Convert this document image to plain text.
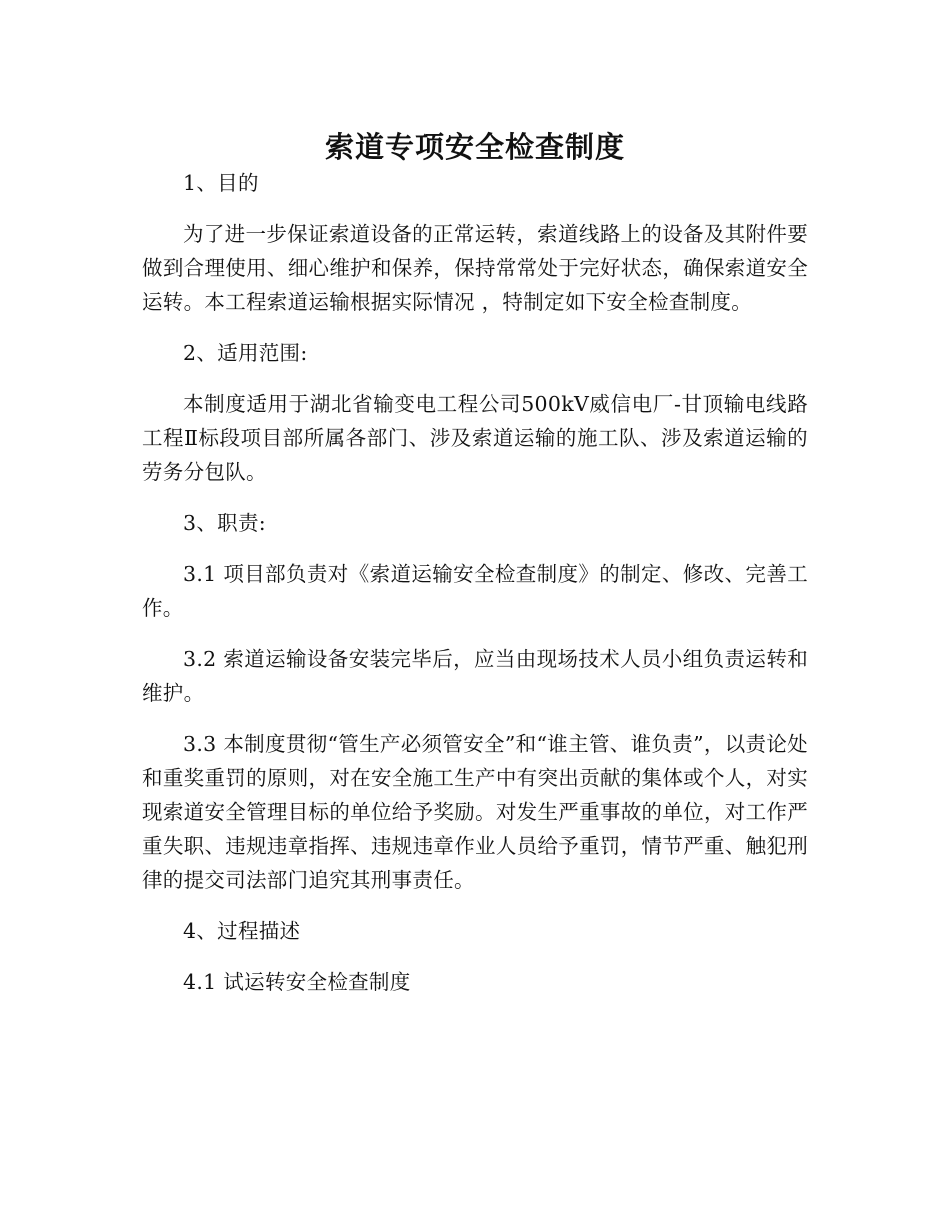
索道专项安全检查制度

1、目的

为了进一步保证索道设备的正常运转，索道线路上的设备及其附件要做到合理使用、细心维护和保养，保持常常处于完好状态，确保索道安全运转。本工程索道运输根据实际情况 ，特制定如下安全检查制度。

2、适用范围:

本制度适用于湖北省输变电工程公司500kV威信电厂-甘顶输电线路工程Ⅱ标段项目部所属各部门、涉及索道运输的施工队、涉及索道运输的劳务分包队。

3、职责:

3.1 项目部负责对《索道运输安全检查制度》的制定、修改、完善工作。

3.2 索道运输设备安装完毕后，应当由现场技术人员小组负责运转和维护。

3.3 本制度贯彻“管生产必须管安全”和“谁主管、谁负责”，以责论处和重奖重罚的原则，对在安全施工生产中有突出贡献的集体或个人，对实现索道安全管理目标的单位给予奖励。对发生严重事故的单位，对工作严重失职、违规违章指挥、违规违章作业人员给予重罚，情节严重、触犯刑律的提交司法部门追究其刑事责任。

4、过程描述

4.1 试运转安全检查制度
